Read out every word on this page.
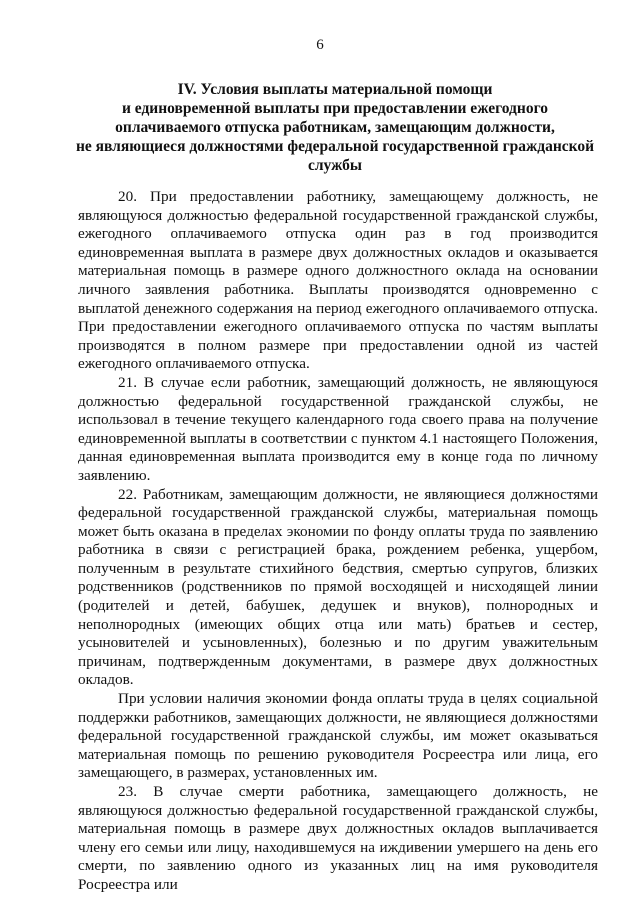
6
IV. Условия выплаты материальной помощи
и единовременной выплаты при предоставлении ежегодного
оплачиваемого отпуска работникам, замещающим должности,
не являющиеся должностями федеральной государственной гражданской
службы

20. При предоставлении работнику, замещающему должность, не являющуюся должностью федеральной государственной гражданской службы, ежегодного оплачиваемого отпуска один раз в год производится единовременная выплата в размере двух должностных окладов и оказывается материальная помощь в размере одного должностного оклада на основании личного заявления работника. Выплаты производятся одновременно с выплатой денежного содержания на период ежегодного оплачиваемого отпуска. При предоставлении ежегодного оплачиваемого отпуска по частям выплаты производятся в полном размере при предоставлении одной из частей ежегодного оплачиваемого отпуска.

21. В случае если работник, замещающий должность, не являющуюся должностью федеральной государственной гражданской службы, не использовал в течение текущего календарного года своего права на получение единовременной выплаты в соответствии с пунктом 4.1 настоящего Положения, данная единовременная выплата производится ему в конце года по личному заявлению.

22. Работникам, замещающим должности, не являющиеся должностями федеральной государственной гражданской службы, материальная помощь может быть оказана в пределах экономии по фонду оплаты труда по заявлению работника в связи с регистрацией брака, рождением ребенка, ущербом, полученным в результате стихийного бедствия, смертью супругов, близких родственников (родственников по прямой восходящей и нисходящей линии (родителей и детей, бабушек, дедушек и внуков), полнородных и неполнородных (имеющих общих отца или мать) братьев и сестер, усыновителей и усыновленных), болезнью и по другим уважительным причинам, подтвержденным документами, в размере двух должностных окладов.

При условии наличия экономии фонда оплаты труда в целях социальной поддержки работников, замещающих должности, не являющиеся должностями федеральной государственной гражданской службы, им может оказываться материальная помощь по решению руководителя Росреестра или лица, его замещающего, в размерах, установленных им.

23. В случае смерти работника, замещающего должность, не являющуюся должностью федеральной государственной гражданской службы, материальная помощь в размере двух должностных окладов выплачивается члену его семьи или лицу, находившемуся на иждивении умершего на день его смерти, по заявлению одного из указанных лиц на имя руководителя Росреестра или
